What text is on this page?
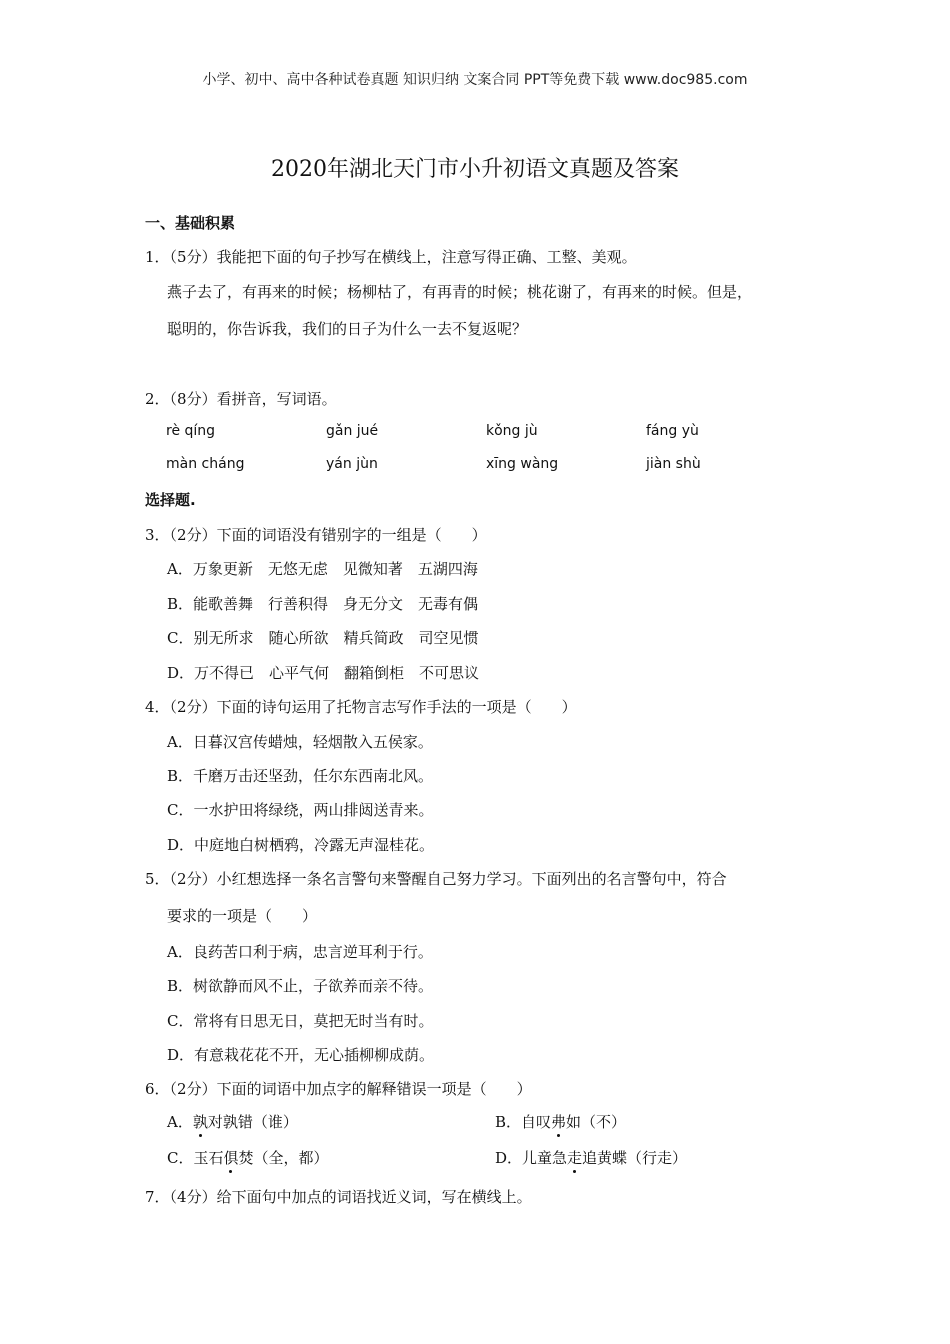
小学、初中、高中各种试卷真题 知识归纳 文案合同 PPT等免费下载 www.doc985.com
2020年湖北天门市小升初语文真题及答案
一、基础积累
1．（5分）我能把下面的句子抄写在横线上，注意写得正确、工整、美观。
燕子去了，有再来的时候；杨柳枯了，有再青的时候；桃花谢了，有再来的时候。但是，
聪明的，你告诉我，我们的日子为什么一去不复返呢？
2．（8分）看拼音，写词语。
rè qíng	gǎn jué	kǒng jù	fáng yù
màn cháng	yán jùn	xīng wàng	jiàn shù
选择题.
3．（2分）下面的词语没有错别字的一组是（　　）
A．万象更新　无悠无虑　见微知著　五湖四海
B．能歌善舞　行善积得　身无分文　无毒有偶
C．别无所求　随心所欲　精兵简政　司空见惯
D．万不得已　心平气何　翻箱倒柜　不可思议
4．（2分）下面的诗句运用了托物言志写作手法的一项是（　　）
A．日暮汉宫传蜡烛，轻烟散入五侯家。
B．千磨万击还坚劲，任尔东西南北风。
C．一水护田将绿绕，两山排闼送青来。
D．中庭地白树栖鸦，冷露无声湿桂花。
5．（2分）小红想选择一条名言警句来警醒自己努力学习。下面列出的名言警句中，符合
要求的一项是（　　）
A．良药苦口利于病，忠言逆耳利于行。
B．树欲静而风不止，子欲养而亲不待。
C．常将有日思无日，莫把无时当有时。
D．有意栽花花不开，无心插柳柳成荫。
6．（2分）下面的词语中加点字的解释错误一项是（　　）
A．孰对孰错（谁）	B．自叹弗如（不）
C．玉石俱焚（全，都）	D．儿童急走追黄蝶（行走）
7．（4分）给下面句中加点的词语找近义词，写在横线上。
